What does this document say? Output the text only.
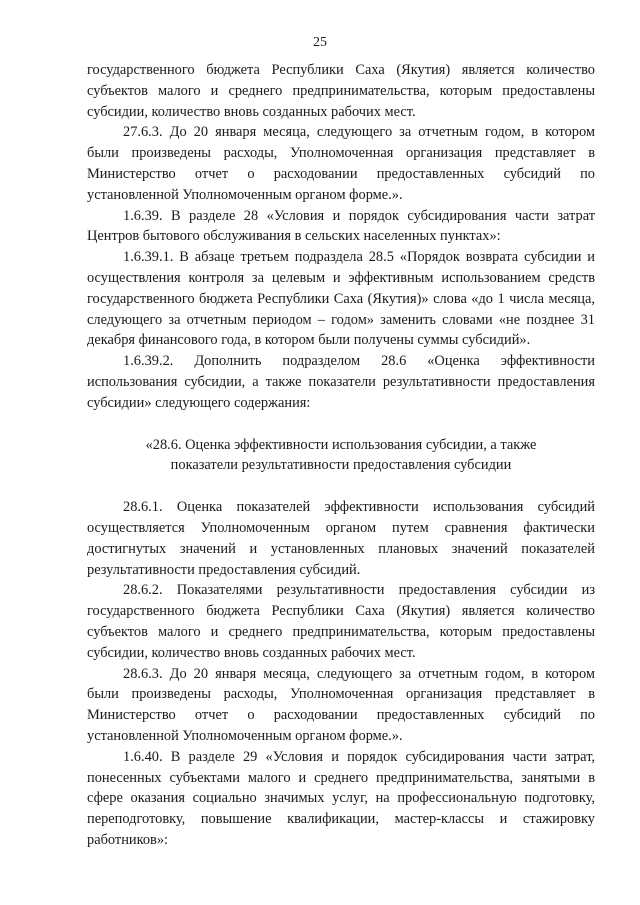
25

государственного бюджета Республики Саха (Якутия) является количество субъектов малого и среднего предпринимательства, которым предоставлены субсидии, количество вновь созданных рабочих мест.

27.6.3. До 20 января месяца, следующего за отчетным годом, в котором были произведены расходы, Уполномоченная организация представляет в Министерство отчет о расходовании предоставленных субсидий по установленной Уполномоченным органом форме.».

1.6.39. В разделе 28 «Условия и порядок субсидирования части затрат Центров бытового обслуживания в сельских населенных пунктах»:

1.6.39.1. В абзаце третьем подраздела 28.5 «Порядок возврата субсидии и осуществления контроля за целевым и эффективным использованием средств государственного бюджета Республики Саха (Якутия)» слова «до 1 числа месяца, следующего за отчетным периодом – годом» заменить словами «не позднее 31 декабря финансового года, в котором были получены суммы субсидий».

1.6.39.2. Дополнить подразделом 28.6 «Оценка эффективности использования субсидии, а также показатели результативности предоставления субсидии» следующего содержания:

«28.6. Оценка эффективности использования субсидии, а также показатели результативности предоставления субсидии

28.6.1. Оценка показателей эффективности использования субсидий осуществляется Уполномоченным органом путем сравнения фактически достигнутых значений и установленных плановых значений показателей результативности предоставления субсидий.

28.6.2. Показателями результативности предоставления субсидии из государственного бюджета Республики Саха (Якутия) является количество субъектов малого и среднего предпринимательства, которым предоставлены субсидии, количество вновь созданных рабочих мест.

28.6.3. До 20 января месяца, следующего за отчетным годом, в котором были произведены расходы, Уполномоченная организация представляет в Министерство отчет о расходовании предоставленных субсидий по установленной Уполномоченным органом форме.».

1.6.40. В разделе 29 «Условия и порядок субсидирования части затрат, понесенных субъектами малого и среднего предпринимательства, занятыми в сфере оказания социально значимых услуг, на профессиональную подготовку, переподготовку, повышение квалификации, мастер-классы и стажировку работников»:
